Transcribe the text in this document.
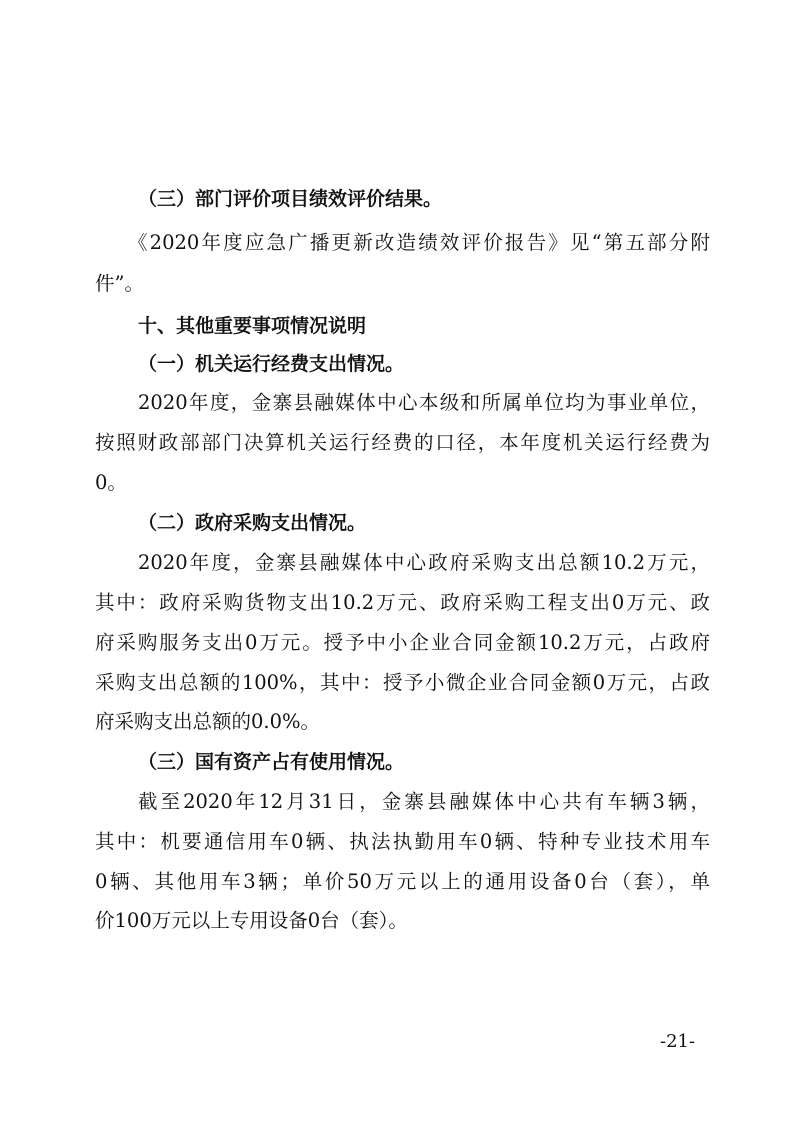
（三）部门评价项目绩效评价结果。
《2020年度应急广播更新改造绩效评价报告》见“第五部分附
件”。
十、其他重要事项情况说明
（一）机关运行经费支出情况。
2020年度，金寨县融媒体中心本级和所属单位均为事业单位，
按照财政部部门决算机关运行经费的口径，本年度机关运行经费为
0。
（二）政府采购支出情况。
2020年度，金寨县融媒体中心政府采购支出总额10.2万元，
其中：政府采购货物支出10.2万元、政府采购工程支出0万元、政
府采购服务支出0万元。授予中小企业合同金额10.2万元，占政府
采购支出总额的100%，其中：授予小微企业合同金额0万元，占政
府采购支出总额的0.0%。
（三）国有资产占有使用情况。
截至2020年12月31日，金寨县融媒体中心共有车辆3辆，
其中：机要通信用车0辆、执法执勤用车0辆、特种专业技术用车
0辆、其他用车3辆；单价50万元以上的通用设备0台（套），单
价100万元以上专用设备0台（套）。
-21-
